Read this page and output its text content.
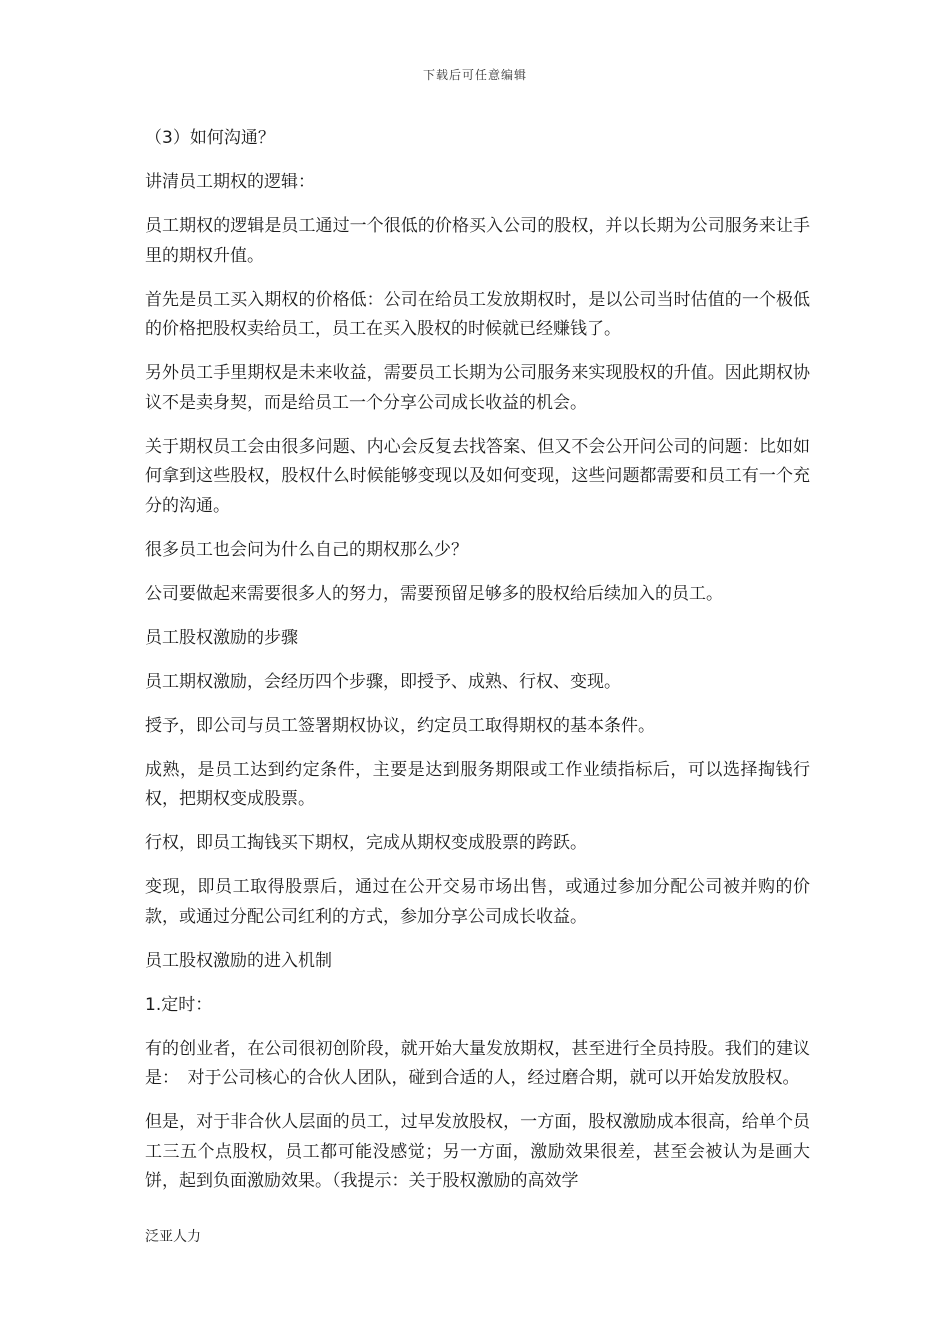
下载后可任意编辑

（3）如何沟通？

讲清员工期权的逻辑：

员工期权的逻辑是员工通过一个很低的价格买入公司的股权，并以长期为公司服务来让手里的期权升值。

首先是员工买入期权的价格低：公司在给员工发放期权时，是以公司当时估值的一个极低的价格把股权卖给员工，员工在买入股权的时候就已经赚钱了。

另外员工手里期权是未来收益，需要员工长期为公司服务来实现股权的升值。因此期权协议不是卖身契，而是给员工一个分享公司成长收益的机会。

关于期权员工会由很多问题、内心会反复去找答案、但又不会公开问公司的问题：比如如何拿到这些股权，股权什么时候能够变现以及如何变现，这些问题都需要和员工有一个充分的沟通。

很多员工也会问为什么自己的期权那么少？

公司要做起来需要很多人的努力，需要预留足够多的股权给后续加入的员工。

员工股权激励的步骤

员工期权激励，会经历四个步骤，即授予、成熟、行权、变现。

授予，即公司与员工签署期权协议，约定员工取得期权的基本条件。

成熟，是员工达到约定条件，主要是达到服务期限或工作业绩指标后，可以选择掏钱行权，把期权变成股票。

行权，即员工掏钱买下期权，完成从期权变成股票的跨跃。

变现，即员工取得股票后，通过在公开交易市场出售，或通过参加分配公司被并购的价款，或通过分配公司红利的方式，参加分享公司成长收益。

员工股权激励的进入机制

1.定时：

有的创业者，在公司很初创阶段，就开始大量发放期权，甚至进行全员持股。我们的建议是：　对于公司核心的合伙人团队，碰到合适的人，经过磨合期，就可以开始发放股权。

但是，对于非合伙人层面的员工，过早发放股权，一方面，股权激励成本很高，给单个员工三五个点股权，员工都可能没感觉；另一方面，激励效果很差，甚至会被认为是画大饼，起到负面激励效果。（我提示：关于股权激励的高效学

泛亚人力
